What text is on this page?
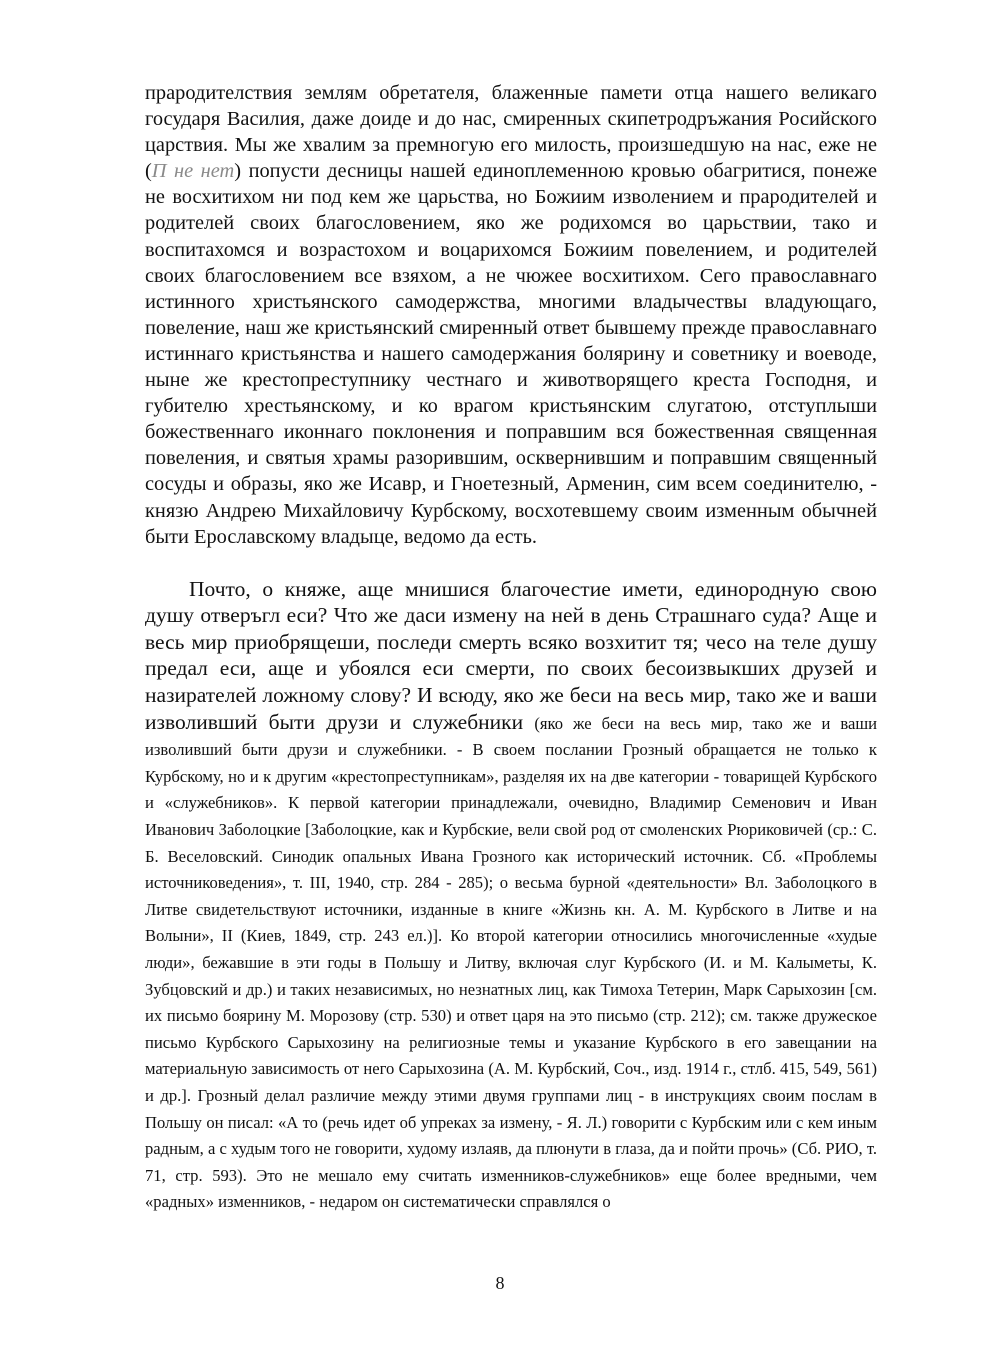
прародителствия землям обретателя, блаженные памети отца нашего великаго государя Василия, даже доиде и до нас, смиренных скипетродръжания Росийского царствия. Мы же хвалим за премногую его милость, произшедшую на нас, еже не (П не нет) попусти десницы нашей единоплеменною кровью обагритися, понеже не восхитихом ни под кем же царьства, но Божиим изволением и прародителей и родителей своих благословением, яко же родихомся во царьствии, тако и воспитахомся и возрастохом и воцарихомся Божиим повелением, и родителей своих благословением все взяхом, а не чюжее восхитихом. Сего православнаго истинного христьянского самодержства, многими владычествы владующаго, повеление, наш же кристьянский смиренный ответ бывшему прежде православнаго истиннаго кристьянства и нашего самодержания болярину и советнику и воеводе, ныне же крестопреступнику честнаго и животворящего креста Господня, и губителю хрестьянскому, и ко врагом кристьянским слугатою, отступлыши божественнаго иконнаго поклонения и поправшим вся божественная священная повеления, и святыя храмы разорившим, осквернившим и поправшим священный сосуды и образы, яко же Исавр, и Гноетезный, Арменин, сим всем соединителю, - князю Андрею Михайловичу Курбскому, восхотевшему своим изменным обычней быти Ерославскому владыце, ведомо да есть.

Почто, о княже, аще мнишися благочестие имети, единородную свою душу отверъгл еси? Что же даси измену на ней в день Страшнаго суда? Аще и весь мир приобрящеши, последи смерть всяко возхитит тя; чесо на теле душу предал еси, аще и убоялся еси смерти, по своих бесоизвыкших друзей и назирателей ложному слову? И всюду, яко же беси на весь мир, тако же и ваши изволивший быти друзи и служебники (яко же беси на весь мир, тако же и ваши изволивший быти друзи и служебники. - В своем послании Грозный обращается не только к Курбскому, но и к другим «крестопреступникам», разделяя их на две категории - товарищей Курбского и «служебников». К первой категории принадлежали, очевидно, Владимир Семенович и Иван Иванович Заболоцкие [Заболоцкие, как и Курбские, вели свой род от смоленских Рюриковичей (ср.: С. Б. Веселовский. Синодик опальных Ивана Грозного как исторический источник. Сб. «Проблемы источниковедения», т. III, 1940, стр. 284 - 285); о весьма бурной «деятельности» Вл. Заболоцкого в Литве свидетельствуют источники, изданные в книге «Жизнь кн. А. М. Курбского в Литве и на Волыни», II (Киев, 1849, стр. 243 ел.)]. Ко второй категории относились многочисленные «худые люди», бежавшие в эти годы в Польшу и Литву, включая слуг Курбского (И. и М. Калыметы, К. Зубцовский и др.) и таких независимых, но незнатных лиц, как Тимоха Тетерин, Марк Сарыхозин [см. их письмо боярину М. Морозову (стр. 530) и ответ царя на это письмо (стр. 212); см. также дружеское письмо Курбского Сарыхозину на религиозные темы и указание Курбского в его завещании на материальную зависимость от него Сарыхозина (А. М. Курбский, Соч., изд. 1914 г., стлб. 415, 549, 561) и др.]. Грозный делал различие между этими двумя группами лиц - в инструкциях своим послам в Польшу он писал: «А то (речь идет об упреках за измену, - Я. Л.) говорити с Курбским или с кем иным радным, а с худым того не говорити, худому излаяв, да плюнути в глаза, да и пойти прочь» (Сб. РИО, т. 71, стр. 593). Это не мешало ему считать изменников-служебников» еще более вредными, чем «радных» изменников, - недаром он систематически справлялся о

8
